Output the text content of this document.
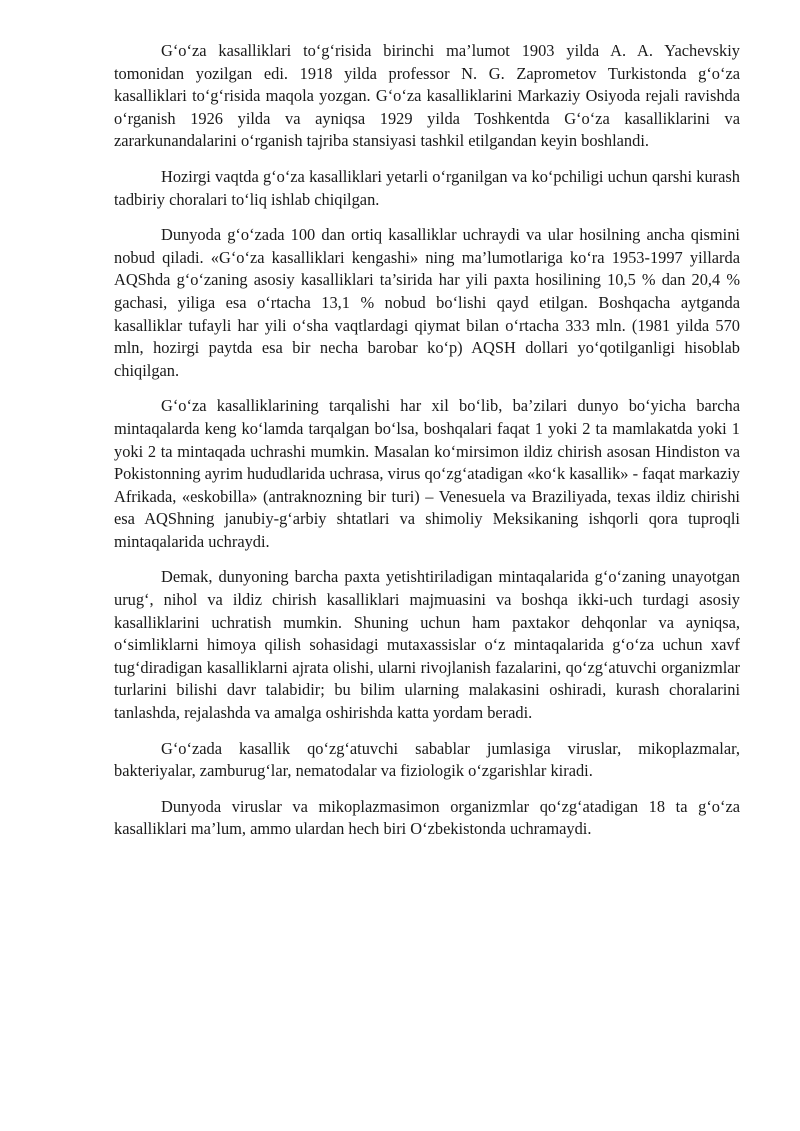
G‘o‘za kasalliklari to‘g‘risida birinchi ma’lumot 1903 yilda A. A. Yachevskiy tomonidan yozilgan edi. 1918 yilda professor N. G. Zaprometov Turkistonda g‘o‘za kasalliklari to‘g‘risida maqola yozgan. G‘o‘za kasalliklarini Markaziy Osiyoda rejali ravishda o‘rganish 1926 yilda va ayniqsa 1929 yilda Toshkentda G‘o‘za kasalliklarini va zararkunandalarini o‘rganish tajriba stansiyasi tashkil etilgandan keyin boshlandi.

Hozirgi vaqtda g‘o‘za kasalliklari yetarli o‘rganilgan va ko‘pchiligi uchun qarshi kurash tadbiriy choralari to‘liq ishlab chiqilgan.

Dunyoda g‘o‘zada 100 dan ortiq kasalliklar uchraydi va ular hosilning ancha qismini nobud qiladi. «G‘o‘za kasalliklari kengashi» ning ma’lumotlariga ko‘ra 1953-1997 yillarda AQShda g‘o‘zaning asosiy kasalliklari ta’sirida har yili paxta hosilining 10,5 % dan 20,4 % gachasi, yiliga esa o‘rtacha 13,1 % nobud bo‘lishi qayd etilgan. Boshqacha aytganda kasalliklar tufayli har yili o‘sha vaqtlardagi qiymat bilan o‘rtacha 333 mln. (1981 yilda 570 mln, hozirgi paytda esa bir necha barobar ko‘p) AQSH dollari yo‘qotilganligi hisoblab chiqilgan.

G‘o‘za kasalliklarining tarqalishi har xil bo‘lib, ba’zilari dunyo bo‘yicha barcha mintaqalarda keng ko‘lamda tarqalgan bo‘lsa, boshqalari faqat 1 yoki 2 ta mamlakatda yoki 1 yoki 2 ta mintaqada uchrashi mumkin. Masalan ko‘mirsimon ildiz chirish asosan Hindiston va Pokistonning ayrim hududlarida uchrasa, virus qo‘zg‘atadigan «ko‘k kasallik» - faqat markaziy Afrikada, «eskobilla» (antraknozning bir turi) – Venesuela va Braziliyada, texas ildiz chirishi esa AQShning janubiy-g‘arbiy shtatlari va shimoliy Meksikaning ishqorli qora tuproqli mintaqalarida uchraydi.

Demak, dunyoning barcha paxta yetishtiriladigan mintaqalarida g‘o‘zaning unayotgan urug‘, nihol va ildiz chirish kasalliklari majmuasini va boshqa ikki-uch turdagi asosiy kasalliklarini uchratish mumkin. Shuning uchun ham paxtakor dehqonlar va ayniqsa, o‘simliklarni himoya qilish sohasidagi mutaxassislar o‘z mintaqalarida g‘o‘za uchun xavf tug‘diradigan kasalliklarni ajrata olishi, ularni rivojlanish fazalarini, qo‘zg‘atuvchi organizmlar turlarini bilishi davr talabidir; bu bilim ularning malakasini oshiradi, kurash choralarini tanlashda, rejalashda va amalga oshirishda katta yordam beradi.

G‘o‘zada kasallik qo‘zg‘atuvchi sabablar jumlasiga viruslar, mikoplazmalar, bakteriyalar, zamburug‘lar, nematodalar va fiziologik o‘zgarishlar kiradi.

Dunyoda viruslar va mikoplazmasimon organizmlar qo‘zg‘atadigan 18 ta g‘o‘za kasalliklari ma’lum, ammo ulardan hech biri O‘zbekistonda uchramaydi.
